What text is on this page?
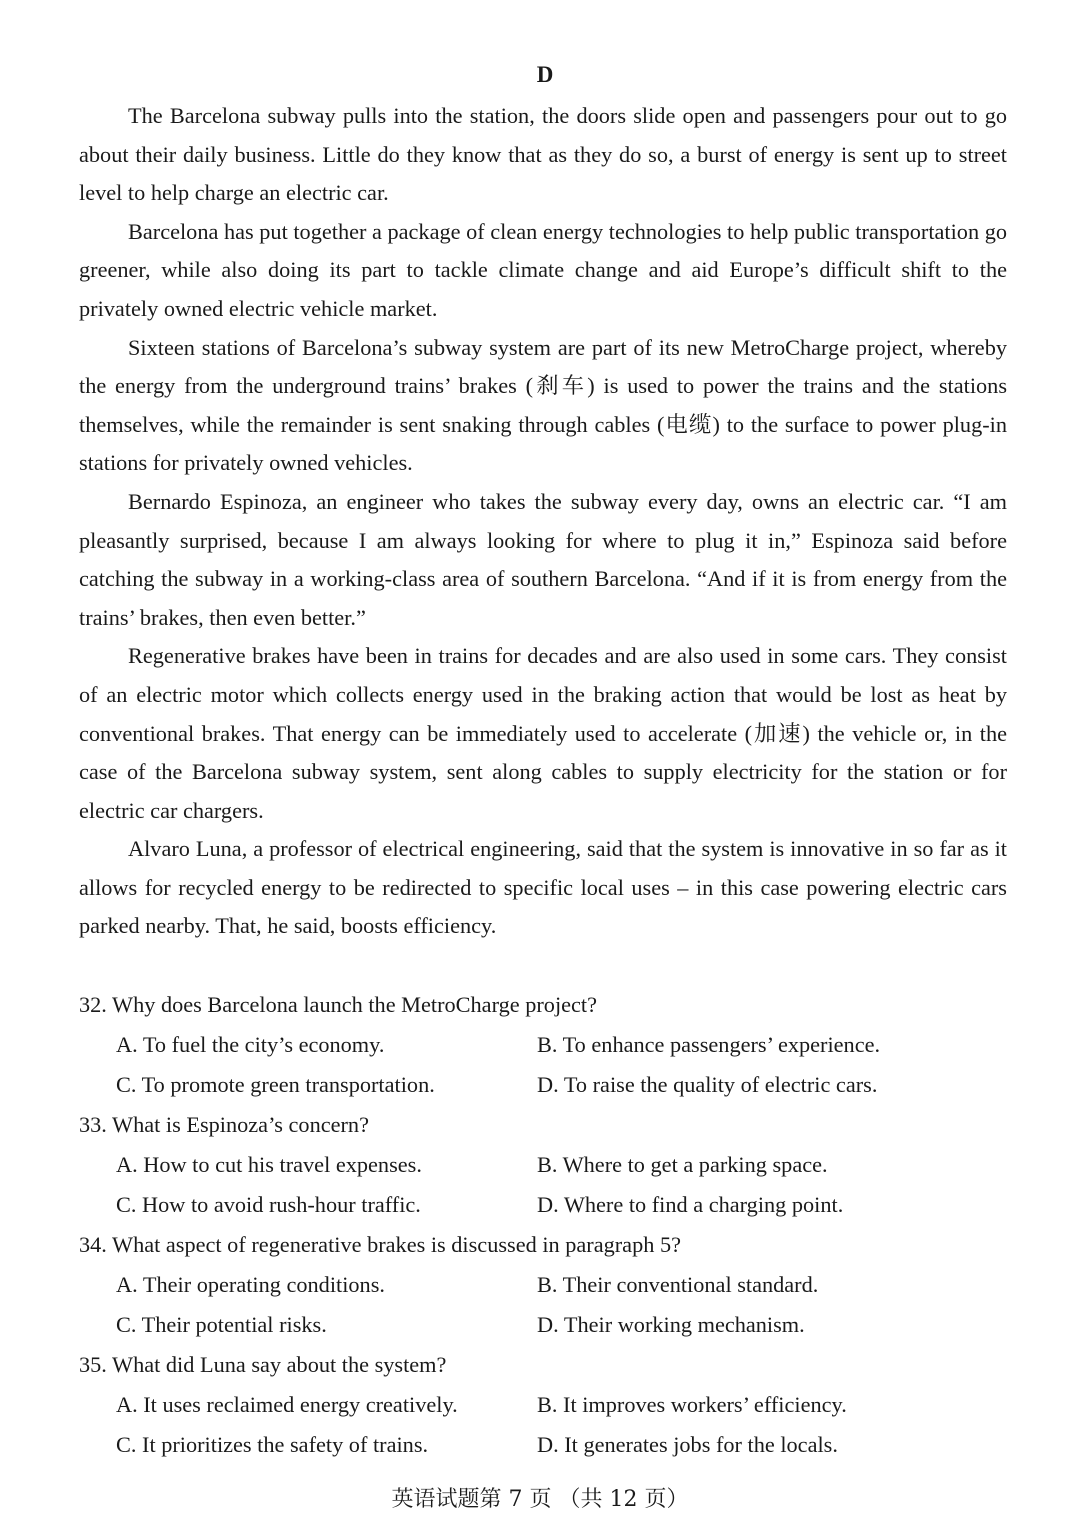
D

The Barcelona subway pulls into the station, the doors slide open and passengers pour out to go about their daily business. Little do they know that as they do so, a burst of energy is sent up to street level to help charge an electric car.

Barcelona has put together a package of clean energy technologies to help public transportation go greener, while also doing its part to tackle climate change and aid Europe’s difficult shift to the privately owned electric vehicle market.

Sixteen stations of Barcelona’s subway system are part of its new MetroCharge project, whereby the energy from the underground trains’ brakes (刹车) is used to power the trains and the stations themselves, while the remainder is sent snaking through cables (电缆) to the surface to power plug-in stations for privately owned vehicles.

Bernardo Espinoza, an engineer who takes the subway every day, owns an electric car. “I am pleasantly surprised, because I am always looking for where to plug it in,” Espinoza said before catching the subway in a working-class area of southern Barcelona. “And if it is from energy from the trains’ brakes, then even better.”

Regenerative brakes have been in trains for decades and are also used in some cars. They consist of an electric motor which collects energy used in the braking action that would be lost as heat by conventional brakes. That energy can be immediately used to accelerate (加速) the vehicle or, in the case of the Barcelona subway system, sent along cables to supply electricity for the station or for electric car chargers.

Alvaro Luna, a professor of electrical engineering, said that the system is innovative in so far as it allows for recycled energy to be redirected to specific local uses – in this case powering electric cars parked nearby. That, he said, boosts efficiency.

32. Why does Barcelona launch the MetroCharge project?
A. To fuel the city’s economy.	B. To enhance passengers’ experience.
C. To promote green transportation.	D. To raise the quality of electric cars.
33. What is Espinoza’s concern?
A. How to cut his travel expenses.	B. Where to get a parking space.
C. How to avoid rush-hour traffic.	D. Where to find a charging point.
34. What aspect of regenerative brakes is discussed in paragraph 5?
A. Their operating conditions.	B. Their conventional standard.
C. Their potential risks.	D. Their working mechanism.
35. What did Luna say about the system?
A. It uses reclaimed energy creatively.	B. It improves workers’ efficiency.
C. It prioritizes the safety of trains.	D. It generates jobs for the locals.
英语试题第 7 页 （共 12 页）
